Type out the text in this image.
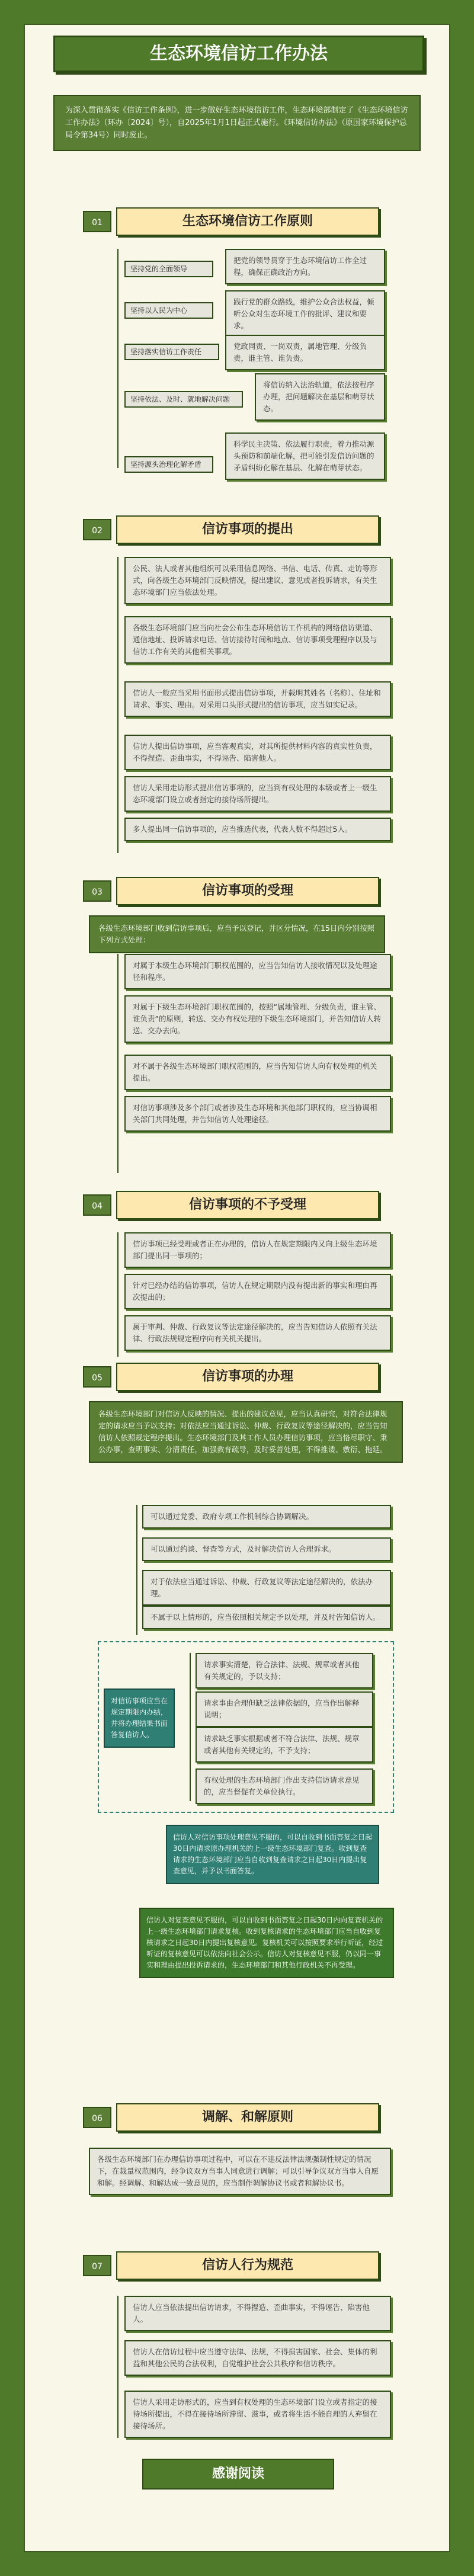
生态环境信访工作办法
为深入贯彻落实《信访工作条例》，进一步做好生态环境信访工作，生态环境部制定了《生态环境信访工作办法》（环办〔2024〕号），自2025年1月1日起正式施行。《环境信访办法》（原国家环境保护总局令第34号）同时废止。
01	生态环境信访工作原则
坚持党的全面领导
把党的领导贯穿于生态环境信访工作全过程，确保正确政治方向。
坚持以人民为中心
践行党的群众路线，维护公众合法权益，倾听公众对生态环境工作的批评、建议和要求。
坚持落实信访工作责任
党政同责、一岗双责，属地管理、分级负责，谁主管、谁负责。
坚持依法、及时、就地解决问题
将信访纳入法治轨道，依法按程序办理，把问题解决在基层和萌芽状态。
坚持源头治理化解矛盾
科学民主决策、依法履行职责，着力推动源头预防和前端化解，把可能引发信访问题的矛盾纠纷化解在基层、化解在萌芽状态。
02	信访事项的提出
公民、法人或者其他组织可以采用信息网络、书信、电话、传真、走访等形式，向各级生态环境部门反映情况，提出建议、意见或者投诉请求，有关生态环境部门应当依法处理。
各级生态环境部门应当向社会公布生态环境信访工作机构的网络信访渠道、通信地址、投诉请求电话、信访接待时间和地点、信访事项受理程序以及与信访工作有关的其他相关事项。
信访人一般应当采用书面形式提出信访事项，并载明其姓名（名称）、住址和请求、事实、理由。对采用口头形式提出的信访事项，应当如实记录。
信访人提出信访事项，应当客观真实，对其所提供材料内容的真实性负责，不得捏造、歪曲事实，不得诬告、陷害他人。
信访人采用走访形式提出信访事项的，应当到有权处理的本级或者上一级生态环境部门设立或者指定的接待场所提出。
多人提出同一信访事项的，应当推选代表，代表人数不得超过5人。
03	信访事项的受理
各级生态环境部门收到信访事项后，应当予以登记，并区分情况，在15日内分别按照下列方式处理：
对属于本级生态环境部门职权范围的，应当告知信访人接收情况以及处理途径和程序。
对属于下级生态环境部门职权范围的，按照“属地管理、分级负责，谁主管、谁负责”的原则，转送、交办有权处理的下级生态环境部门，并告知信访人转送、交办去向。
对不属于各级生态环境部门职权范围的，应当告知信访人向有权处理的机关提出。
对信访事项涉及多个部门或者涉及生态环境和其他部门职权的，应当协调相关部门共同处理，并告知信访人处理途径。
04	信访事项的不予受理
信访事项已经受理或者正在办理的，信访人在规定期限内又向上级生态环境部门提出同一事项的；
针对已经办结的信访事项，信访人在规定期限内没有提出新的事实和理由再次提出的；
属于审判、仲裁、行政复议等法定途径解决的，应当告知信访人依照有关法律、行政法规规定程序向有关机关提出。
05	信访事项的办理
各级生态环境部门对信访人反映的情况、提出的建议意见，应当认真研究，对符合法律规定的请求应当予以支持；对依法应当通过诉讼、仲裁、行政复议等途径解决的，应当告知信访人依照规定程序提出。生态环境部门及其工作人员办理信访事项，应当恪尽职守、秉公办事，查明事实、分清责任，加强教育疏导，及时妥善处理，不得推诿、敷衍、拖延。
可以通过党委、政府专项工作机制综合协调解决。
可以通过约谈、督查等方式，及时解决信访人合理诉求。
对于依法应当通过诉讼、仲裁、行政复议等法定途径解决的，依法办理。
不属于以上情形的，应当依照相关规定予以处理，并及时告知信访人。
对信访事项应当在规定期限内办结，并将办理结果书面答复信访人。
请求事实清楚，符合法律、法规、规章或者其他有关规定的，予以支持；
请求事由合理但缺乏法律依据的，应当作出解释说明；
请求缺乏事实根据或者不符合法律、法规、规章或者其他有关规定的，不予支持；
有权处理的生态环境部门作出支持信访请求意见的，应当督促有关单位执行。
信访人对信访事项处理意见不服的，可以自收到书面答复之日起30日内请求原办理机关的上一级生态环境部门复查。收到复查请求的生态环境部门应当自收到复查请求之日起30日内提出复查意见，并予以书面答复。
信访人对复查意见不服的，可以自收到书面答复之日起30日内向复查机关的上一级生态环境部门请求复核。收到复核请求的生态环境部门应当自收到复核请求之日起30日内提出复核意见。复核机关可以按照要求举行听证，经过听证的复核意见可以依法向社会公示。信访人对复核意见不服，仍以同一事实和理由提出投诉请求的，生态环境部门和其他行政机关不再受理。
06	调解、和解原则
各级生态环境部门在办理信访事项过程中，可以在不违反法律法规强制性规定的情况下，在裁量权范围内，经争议双方当事人同意进行调解；可以引导争议双方当事人自愿和解。经调解、和解达成一致意见的，应当制作调解协议书或者和解协议书。
07	信访人行为规范
信访人应当依法提出信访请求，不得捏造、歪曲事实，不得诬告、陷害他人。
信访人在信访过程中应当遵守法律、法规，不得损害国家、社会、集体的利益和其他公民的合法权利，自觉维护社会公共秩序和信访秩序。
信访人采用走访形式的，应当到有权处理的生态环境部门设立或者指定的接待场所提出，不得在接待场所滞留、滋事，或者将生活不能自理的人弃留在接待场所。
感谢阅读
